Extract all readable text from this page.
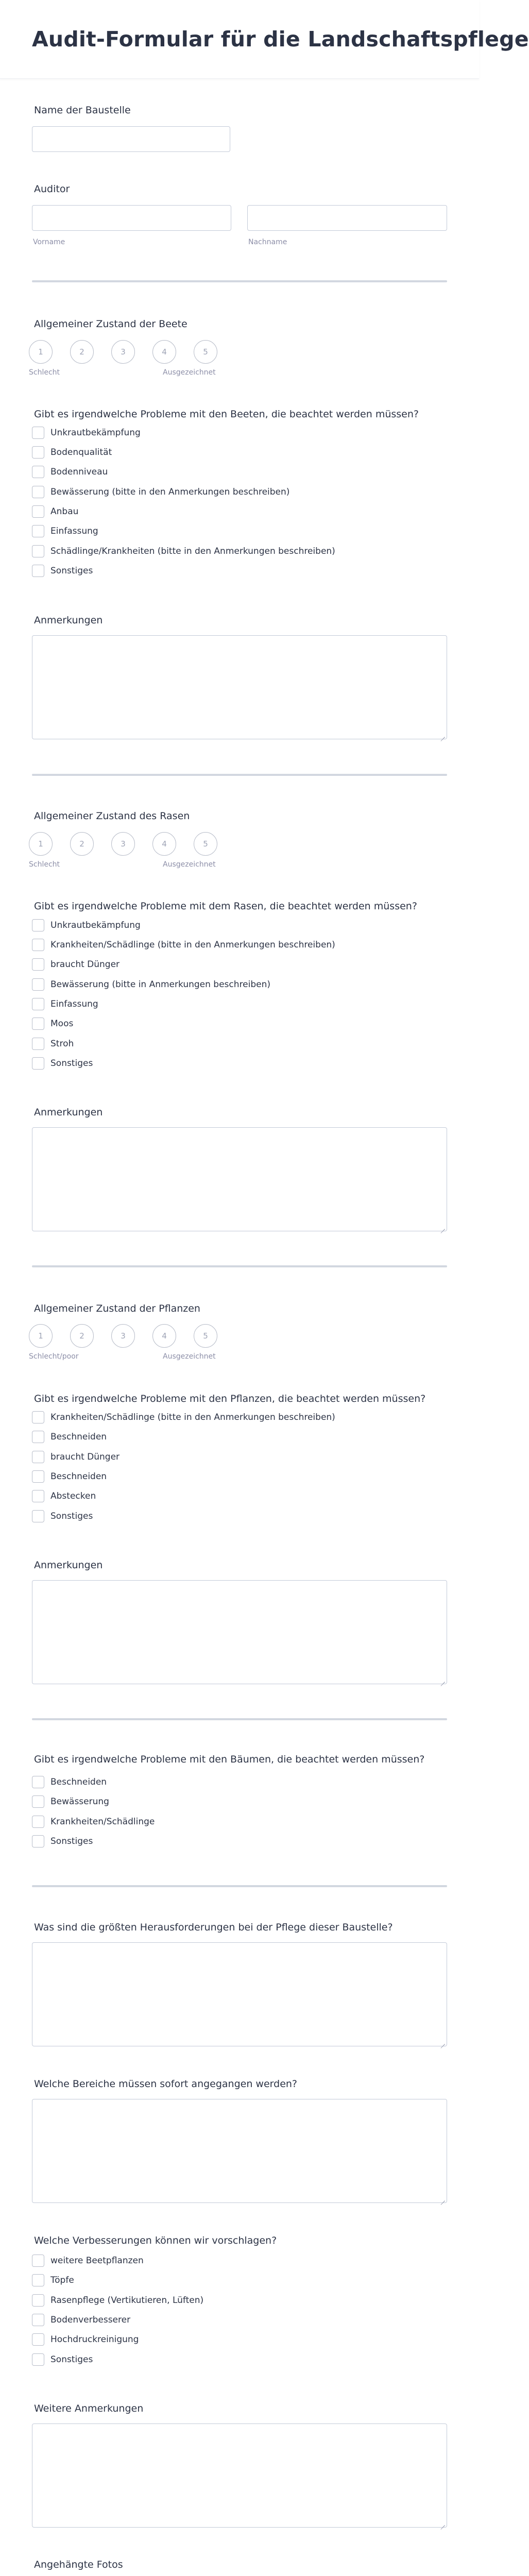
Audit-Formular für die Landschaftspflege
Name der Baustelle
Auditor
Vorname	Nachname
Allgemeiner Zustand der Beete
1	2	3	4	5
Schlecht	Ausgezeichnet
Gibt es irgendwelche Probleme mit den Beeten, die beachtet werden müssen?
Unkrautbekämpfung
Bodenqualität
Bodenniveau
Bewässerung (bitte in den Anmerkungen beschreiben)
Anbau
Einfassung
Schädlinge/Krankheiten (bitte in den Anmerkungen beschreiben)
Sonstiges
Anmerkungen
Allgemeiner Zustand des Rasen
1	2	3	4	5
Schlecht	Ausgezeichnet
Gibt es irgendwelche Probleme mit dem Rasen, die beachtet werden müssen?
Unkrautbekämpfung
Krankheiten/Schädlinge (bitte in den Anmerkungen beschreiben)
braucht Dünger
Bewässerung (bitte in Anmerkungen beschreiben)
Einfassung
Moos
Stroh
Sonstiges
Anmerkungen
Allgemeiner Zustand der Pflanzen
1	2	3	4	5
Schlecht/poor	Ausgezeichnet
Gibt es irgendwelche Probleme mit den Pflanzen, die beachtet werden müssen?
Krankheiten/Schädlinge (bitte in den Anmerkungen beschreiben)
Beschneiden
braucht Dünger
Beschneiden
Abstecken
Sonstiges
Anmerkungen
Gibt es irgendwelche Probleme mit den Bäumen, die beachtet werden müssen?
Beschneiden
Bewässerung
Krankheiten/Schädlinge
Sonstiges
Was sind die größten Herausforderungen bei der Pflege dieser Baustelle?
Welche Bereiche müssen sofort angegangen werden?
Welche Verbesserungen können wir vorschlagen?
weitere Beetpflanzen
Töpfe
Rasenpflege (Vertikutieren, Lüften)
Bodenverbesserer
Hochdruckreinigung
Sonstiges
Weitere Anmerkungen
Angehängte Fotos
